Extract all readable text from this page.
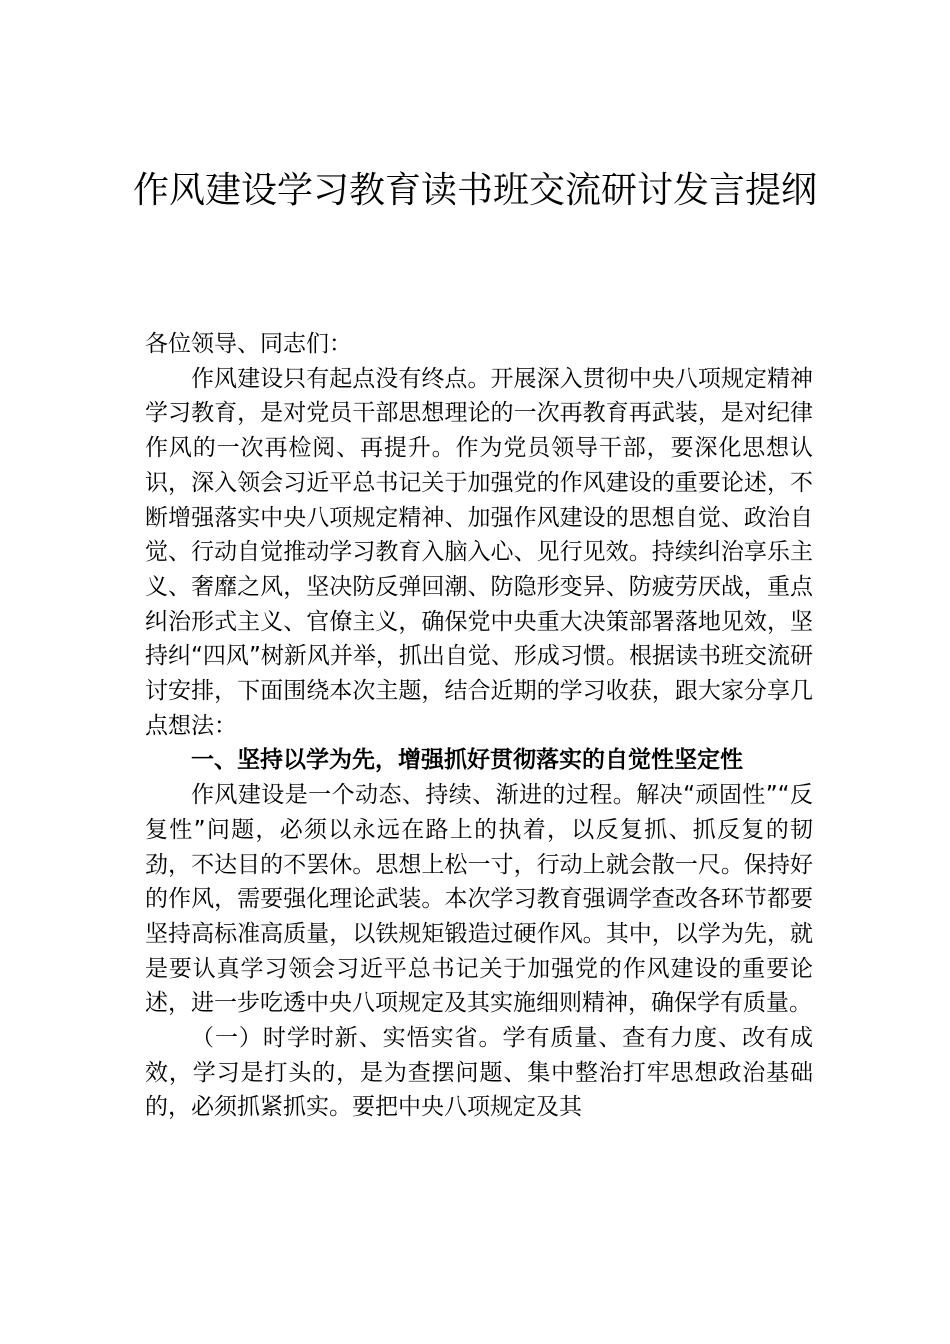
作风建设学习教育读书班交流研讨发言提纲

各位领导、同志们：

作风建设只有起点没有终点。开展深入贯彻中央八项规定精神学习教育，是对党员干部思想理论的一次再教育再武装，是对纪律作风的一次再检阅、再提升。作为党员领导干部，要深化思想认识，深入领会习近平总书记关于加强党的作风建设的重要论述，不断增强落实中央八项规定精神、加强作风建设的思想自觉、政治自觉、行动自觉推动学习教育入脑入心、见行见效。持续纠治享乐主义、奢靡之风，坚决防反弹回潮、防隐形变异、防疲劳厌战，重点纠治形式主义、官僚主义，确保党中央重大决策部署落地见效，坚持纠“四风”树新风并举，抓出自觉、形成习惯。根据读书班交流研讨安排，下面围绕本次主题，结合近期的学习收获，跟大家分享几点想法：

一、坚持以学为先，增强抓好贯彻落实的自觉性坚定性

作风建设是一个动态、持续、渐进的过程。解决“顽固性”“反复性”问题，必须以永远在路上的执着，以反复抓、抓反复的韧劲，不达目的不罢休。思想上松一寸，行动上就会散一尺。保持好的作风，需要强化理论武装。本次学习教育强调学查改各环节都要坚持高标准高质量，以铁规矩锻造过硬作风。其中，以学为先，就是要认真学习领会习近平总书记关于加强党的作风建设的重要论述，进一步吃透中央八项规定及其实施细则精神，确保学有质量。

（一）时学时新、实悟实省。学有质量、查有力度、改有成效，学习是打头的，是为查摆问题、集中整治打牢思想政治基础的，必须抓紧抓实。要把中央八项规定及其
